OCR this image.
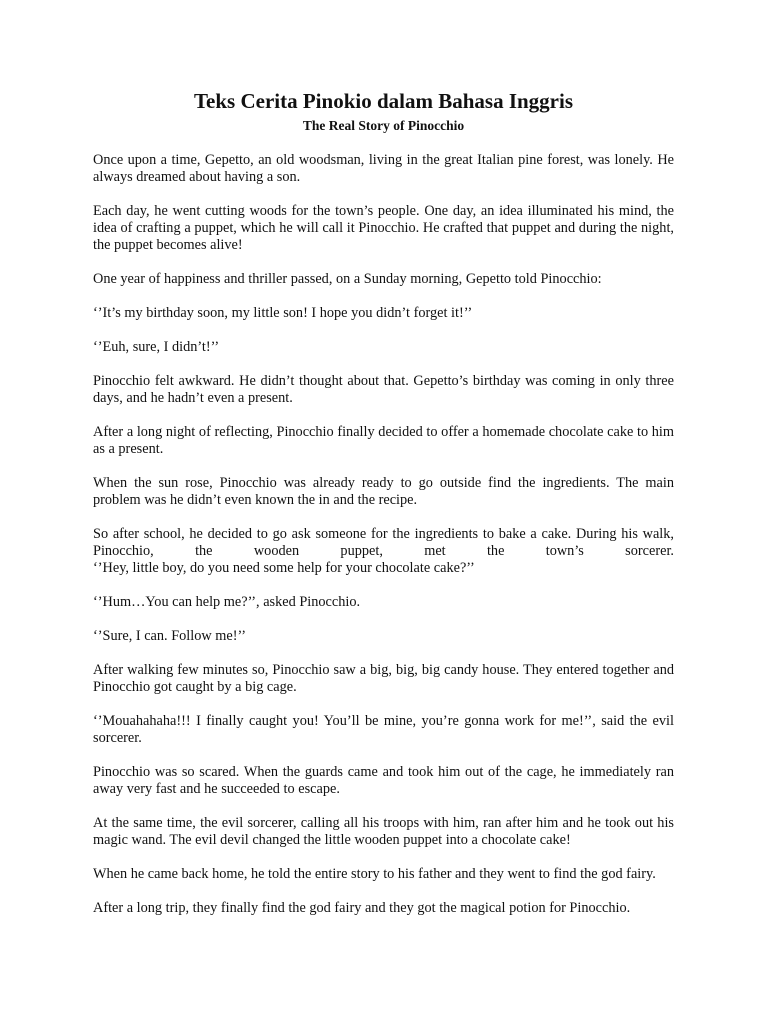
Teks Cerita Pinokio dalam Bahasa Inggris
The Real Story of Pinocchio

Once upon a time, Gepetto, an old woodsman, living in the great Italian pine forest, was lonely. He always dreamed about having a son.

Each day, he went cutting woods for the town’s people. One day, an idea illuminated his mind, the idea of crafting a puppet, which he will call it Pinocchio. He crafted that puppet and during the night, the puppet becomes alive!

One year of happiness and thriller passed, on a Sunday morning, Gepetto told Pinocchio:

‘’It’s my birthday soon, my little son! I hope you didn’t forget it!’’

‘’Euh, sure, I didn’t!’’

Pinocchio felt awkward. He didn’t thought about that. Gepetto’s birthday was coming in only three days, and he hadn’t even a present.

After a long night of reflecting, Pinocchio finally decided to offer a homemade chocolate cake to him as a present.

When the sun rose, Pinocchio was already ready to go outside find the ingredients. The main problem was he didn’t even known the in and the recipe.

So after school, he decided to go ask someone for the ingredients to bake a cake. During his walk, Pinocchio, the wooden puppet, met the town’s sorcerer.
‘’Hey, little boy, do you need some help for your chocolate cake?’’

‘’Hum…You can help me?’’, asked Pinocchio.

‘’Sure, I can. Follow me!’’

After walking few minutes so, Pinocchio saw a big, big, big candy house. They entered together and Pinocchio got caught by a big cage.

‘’Mouahahaha!!! I finally caught you! You’ll be mine, you’re gonna work for me!’’, said the evil sorcerer.

Pinocchio was so scared. When the guards came and took him out of the cage, he immediately ran away very fast and he succeeded to escape.

At the same time, the evil sorcerer, calling all his troops with him, ran after him and he took out his magic wand. The evil devil changed the little wooden puppet into a chocolate cake!

When he came back home, he told the entire story to his father and they went to find the god fairy.

After a long trip, they finally find the god fairy and they got the magical potion for Pinocchio.
